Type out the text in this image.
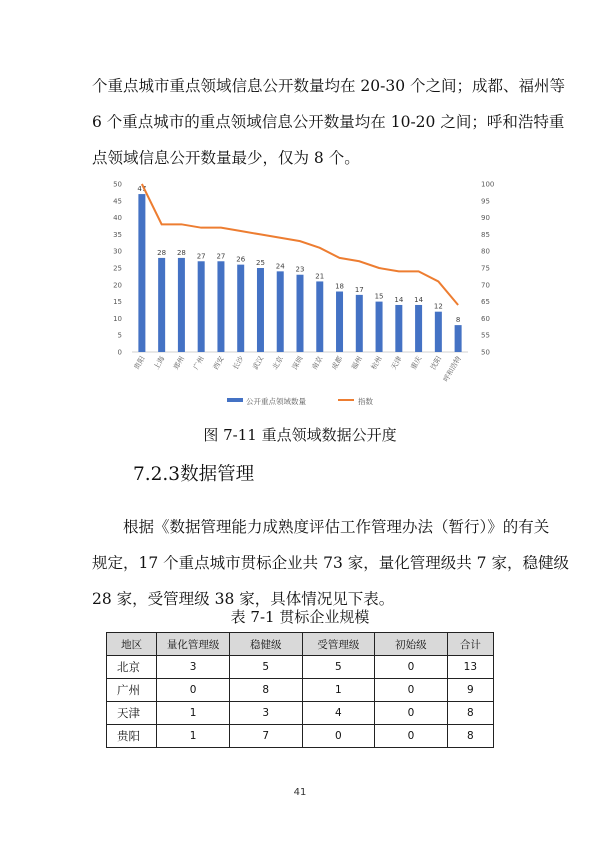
个重点城市重点领域信息公开数量均在 20-30 个之间；成都、福州等
6 个重点城市的重点领域信息公开数量均在 10-20 之间；呼和浩特重
点领域信息公开数量最少，仅为 8 个。

0
5
10
15
20
25
30
35
40
45
50
50
55
60
65
70
75
80
85
90
95
100
47
28 28 27 27 26 25 24 23
21
18 17
15 14 14
12
8
贵阳 上海 郑州 广州 西安 长沙 武汉 北京 深圳 南京 成都 福州 杭州 天津 重庆 沈阳
呼和浩特
公开重点领域数量	指数
图 7-11 重点领域数据公开度
7.2.3数据管理

根据《数据管理能力成熟度评估工作管理办法（暂行）》的有关
规定，17 个重点城市贯标企业共 73 家，量化管理级共 7 家，稳健级
28 家，受管理级 38 家，具体情况见下表。

表 7-1 贯标企业规模
地区	量化管理级	稳健级	受管理级	初始级	合计
北京	3	5	5	0	13
广州	0	8	1	0	9
天津	1	3	4	0	8
贵阳	1	7	0	0	8
41
